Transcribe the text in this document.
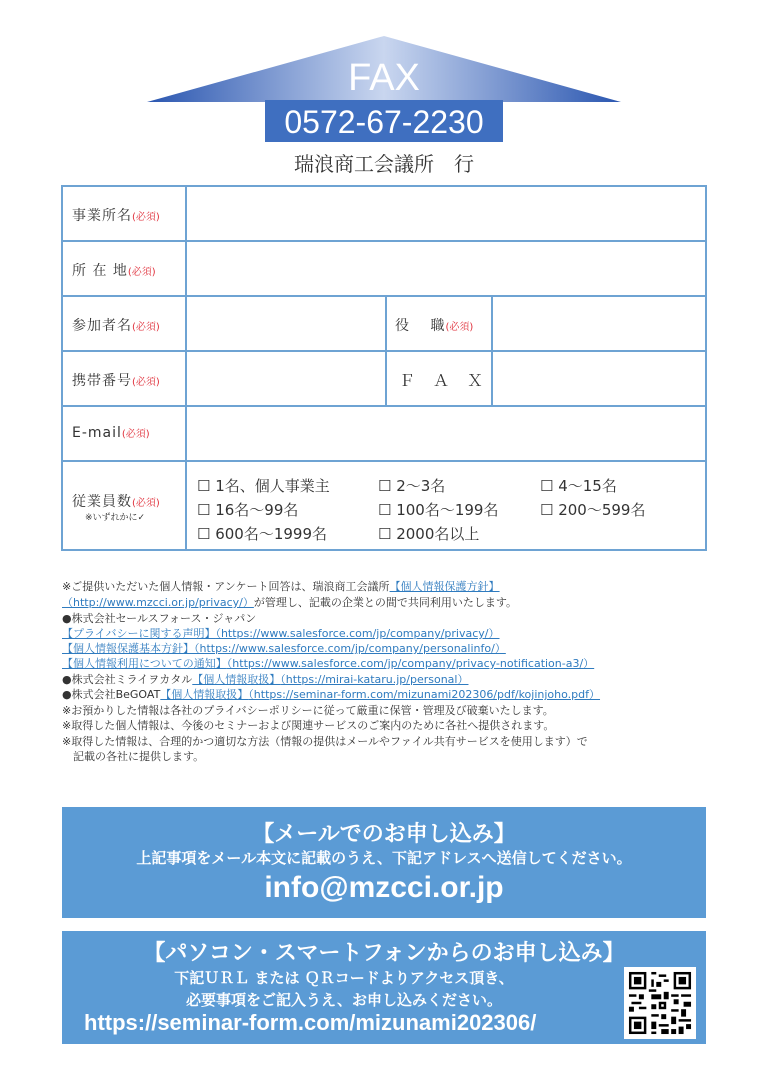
FAX
0572-67-2230
瑞浪商工会議所　行
事業所名(必須)
所 在 地(必須)
参加者名(必須)	役　 職(必須)
携帯番号(必須)	Ｆ　Ａ　Ｘ
E-mail(必須)
従業員数(必須)
※いずれかに✓
☐ 1名、個人事業主	☐ 2～3名	☐ 4～15名
☐ 16名～99名	☐ 100名～199名	☐ 200～599名
☐ 600名～1999名	☐ 2000名以上
※ご提供いただいた個人情報・アンケート回答は、瑞浪商工会議所【個人情報保護方針】
（http://www.mzcci.or.jp/privacy/）が管理し、記載の企業との間で共同利用いたします。
●株式会社セールスフォース・ジャパン
【プライバシーに関する声明】（https://www.salesforce.com/jp/company/privacy/）
【個人情報保護基本方針】（https://www.salesforce.com/jp/company/personalinfo/）
【個人情報利用についての通知】（https://www.salesforce.com/jp/company/privacy-notification-a3/）
●株式会社ミライヲカタル【個人情報取扱】（https://mirai-kataru.jp/personal）
●株式会社BeGOAT【個人情報取扱】（https://seminar-form.com/mizunami202306/pdf/kojinjoho.pdf）
※お預かりした情報は各社のプライバシーポリシーに従って厳重に保管・管理及び破棄いたします。
※取得した個人情報は、今後のセミナーおよび関連サービスのご案内のために各社へ提供されます。
※取得した情報は、合理的かつ適切な方法（情報の提供はメールやファイル共有サービスを使用します）で
　記載の各社に提供します。
【メールでのお申し込み】
上記事項をメール本文に記載のうえ、下記アドレスへ送信してください。
info@mzcci.or.jp
【パソコン・スマートフォンからのお申し込み】
下記ＵＲＬ または ＱＲコードよりアクセス頂き、
必要事項をご記入うえ、お申し込みください。
https://seminar-form.com/mizunami202306/
